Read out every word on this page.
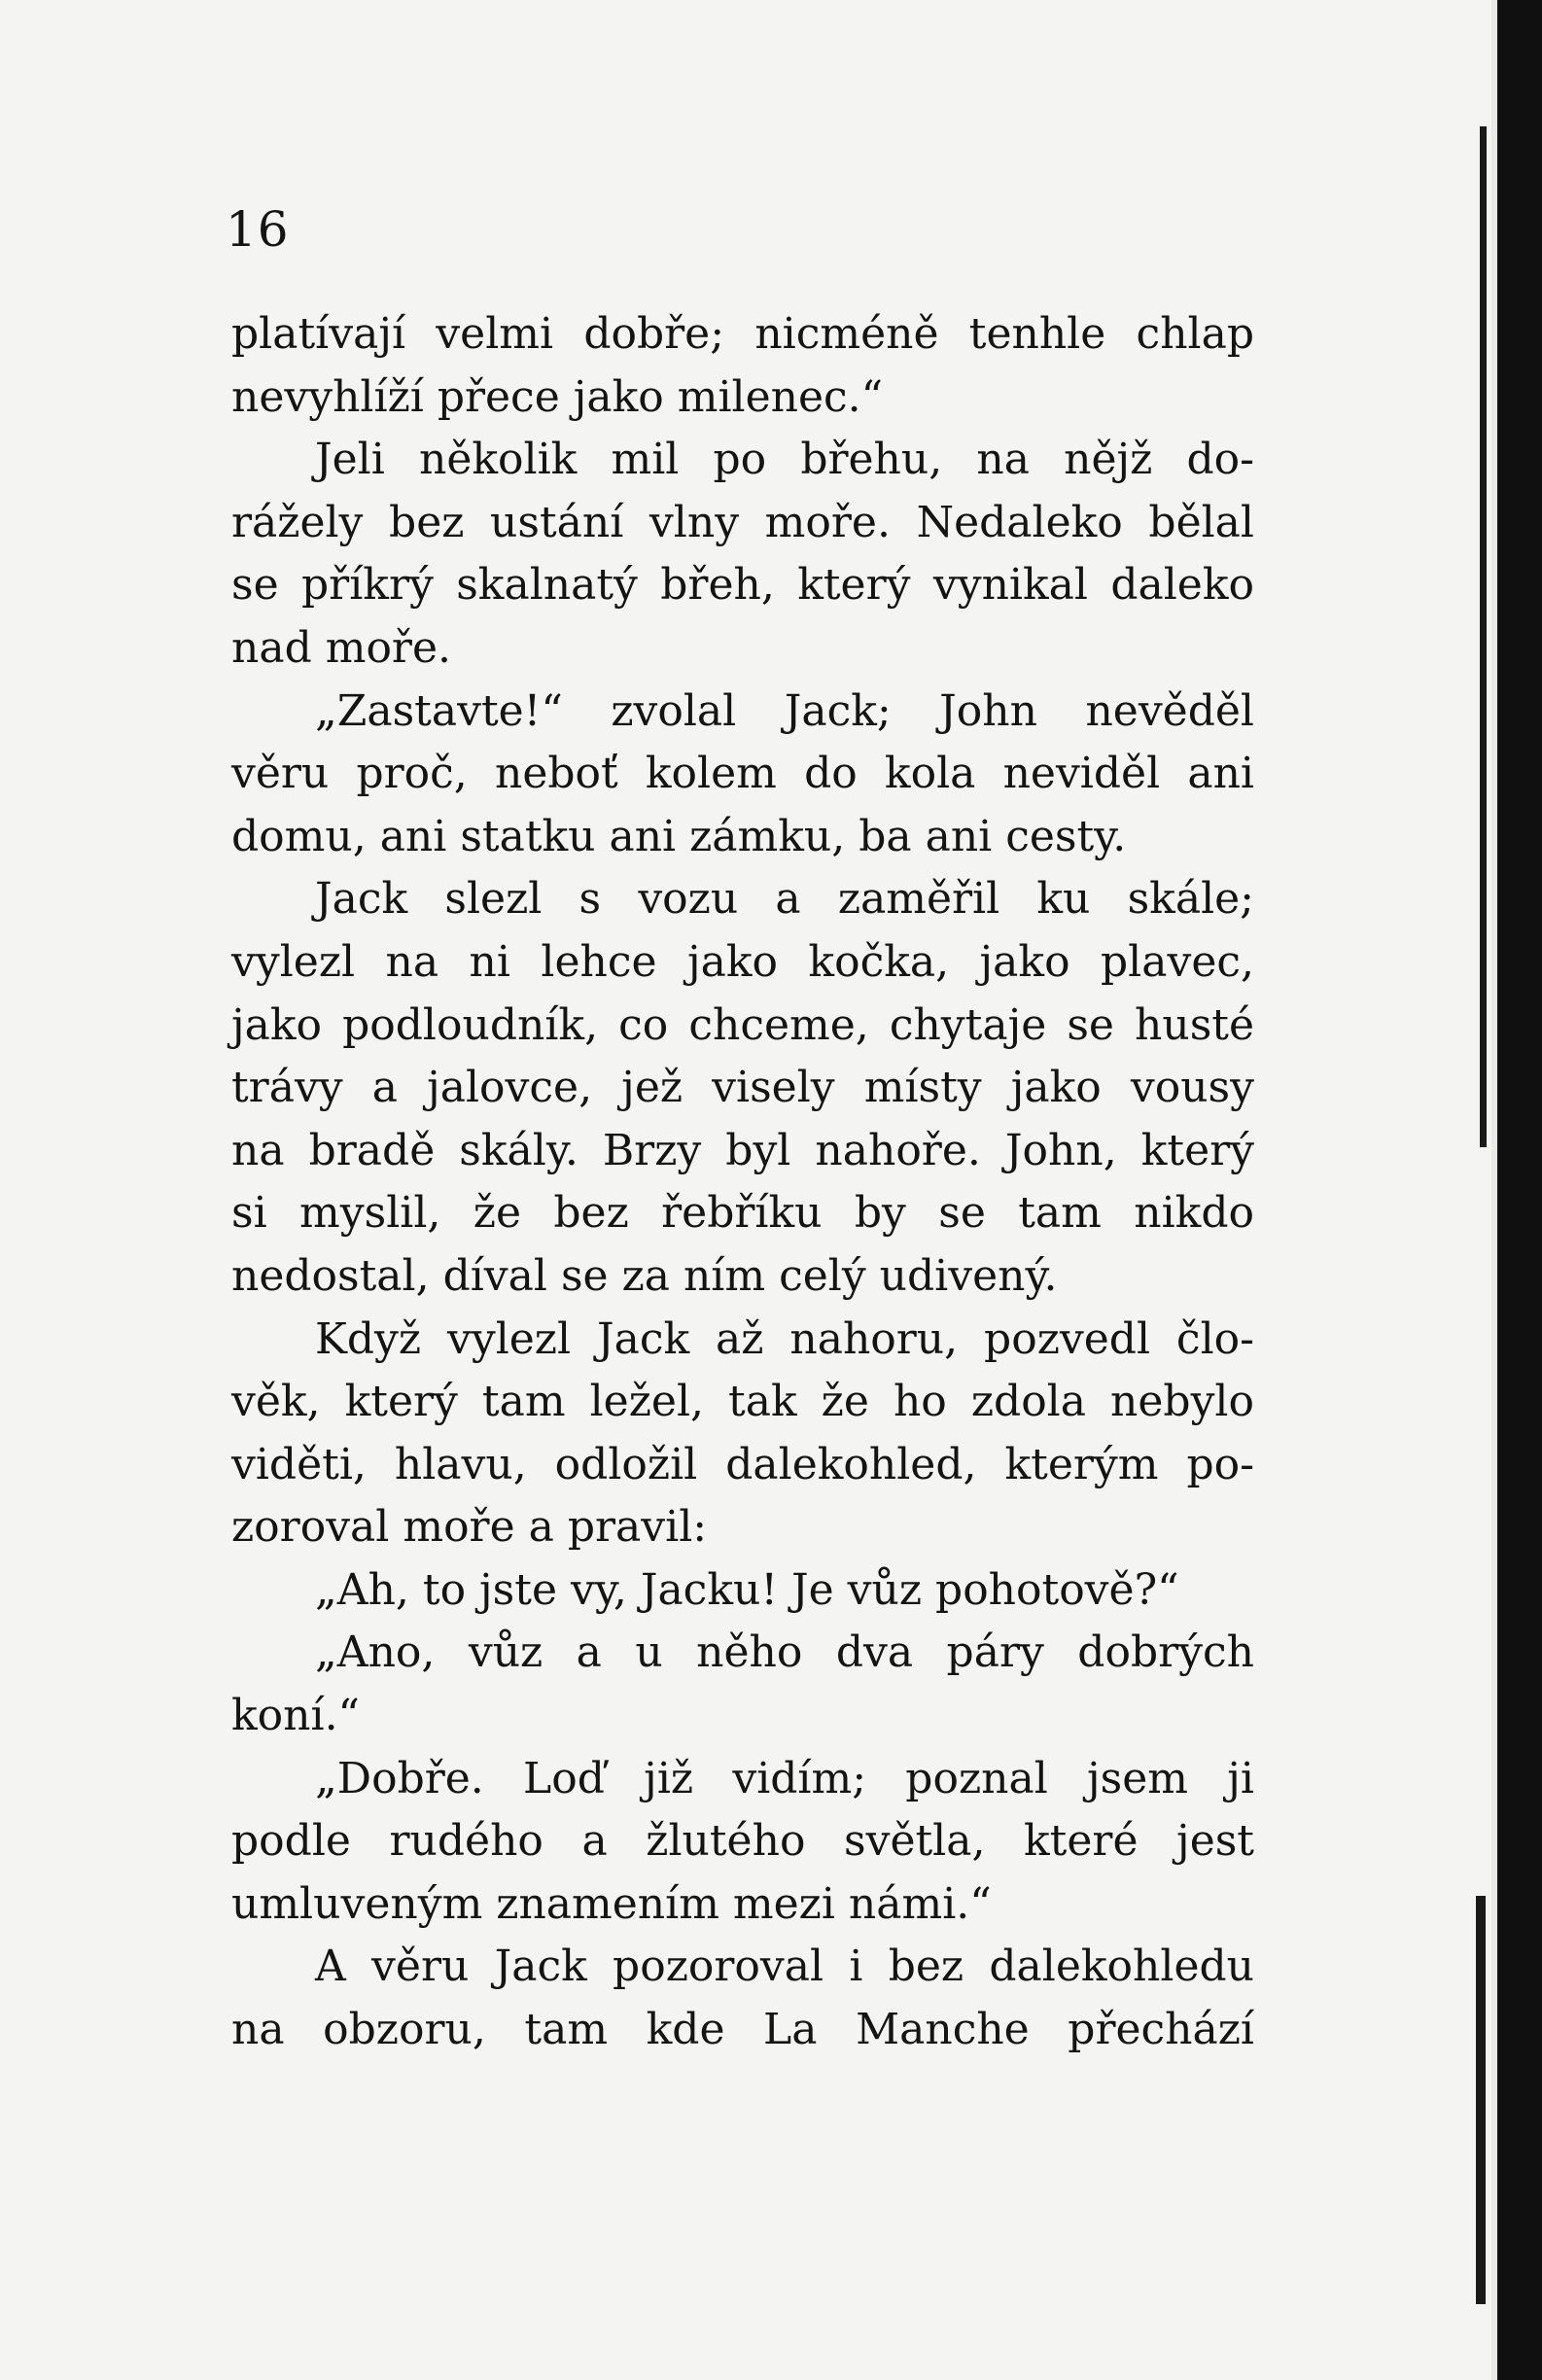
16

platívají velmi dobře; nicméně tenhle chlap
nevyhlíží přece jako milenec.“

Jeli několik mil po břehu, na nějž do-
rážely bez ustání vlny moře. Nedaleko bělal
se příkrý skalnatý břeh, který vynikal daleko
nad moře.

„Zastavte!“ zvolal Jack; John nevěděl
věru proč, neboť kolem do kola neviděl ani
domu, ani statku ani zámku, ba ani cesty.

Jack slezl s vozu a zaměřil ku skále;
vylezl na ni lehce jako kočka, jako plavec,
jako podloudník, co chceme, chytaje se husté
trávy a jalovce, jež visely místy jako vousy
na bradě skály. Brzy byl nahoře. John, který
si myslil, že bez řebříku by se tam nikdo
nedostal, díval se za ním celý udivený.

Když vylezl Jack až nahoru, pozvedl člo-
věk, který tam ležel, tak že ho zdola nebylo
viděti, hlavu, odložil dalekohled, kterým po-
zoroval moře a pravil:

„Ah, to jste vy, Jacku! Je vůz pohotově?“

„Ano, vůz a u něho dva páry dobrých
koní.“

„Dobře. Loď již vidím; poznal jsem ji
podle rudého a žlutého světla, které jest
umluveným znamením mezi námi.“

A věru Jack pozoroval i bez dalekohledu
na obzoru, tam kde La Manche přechází
